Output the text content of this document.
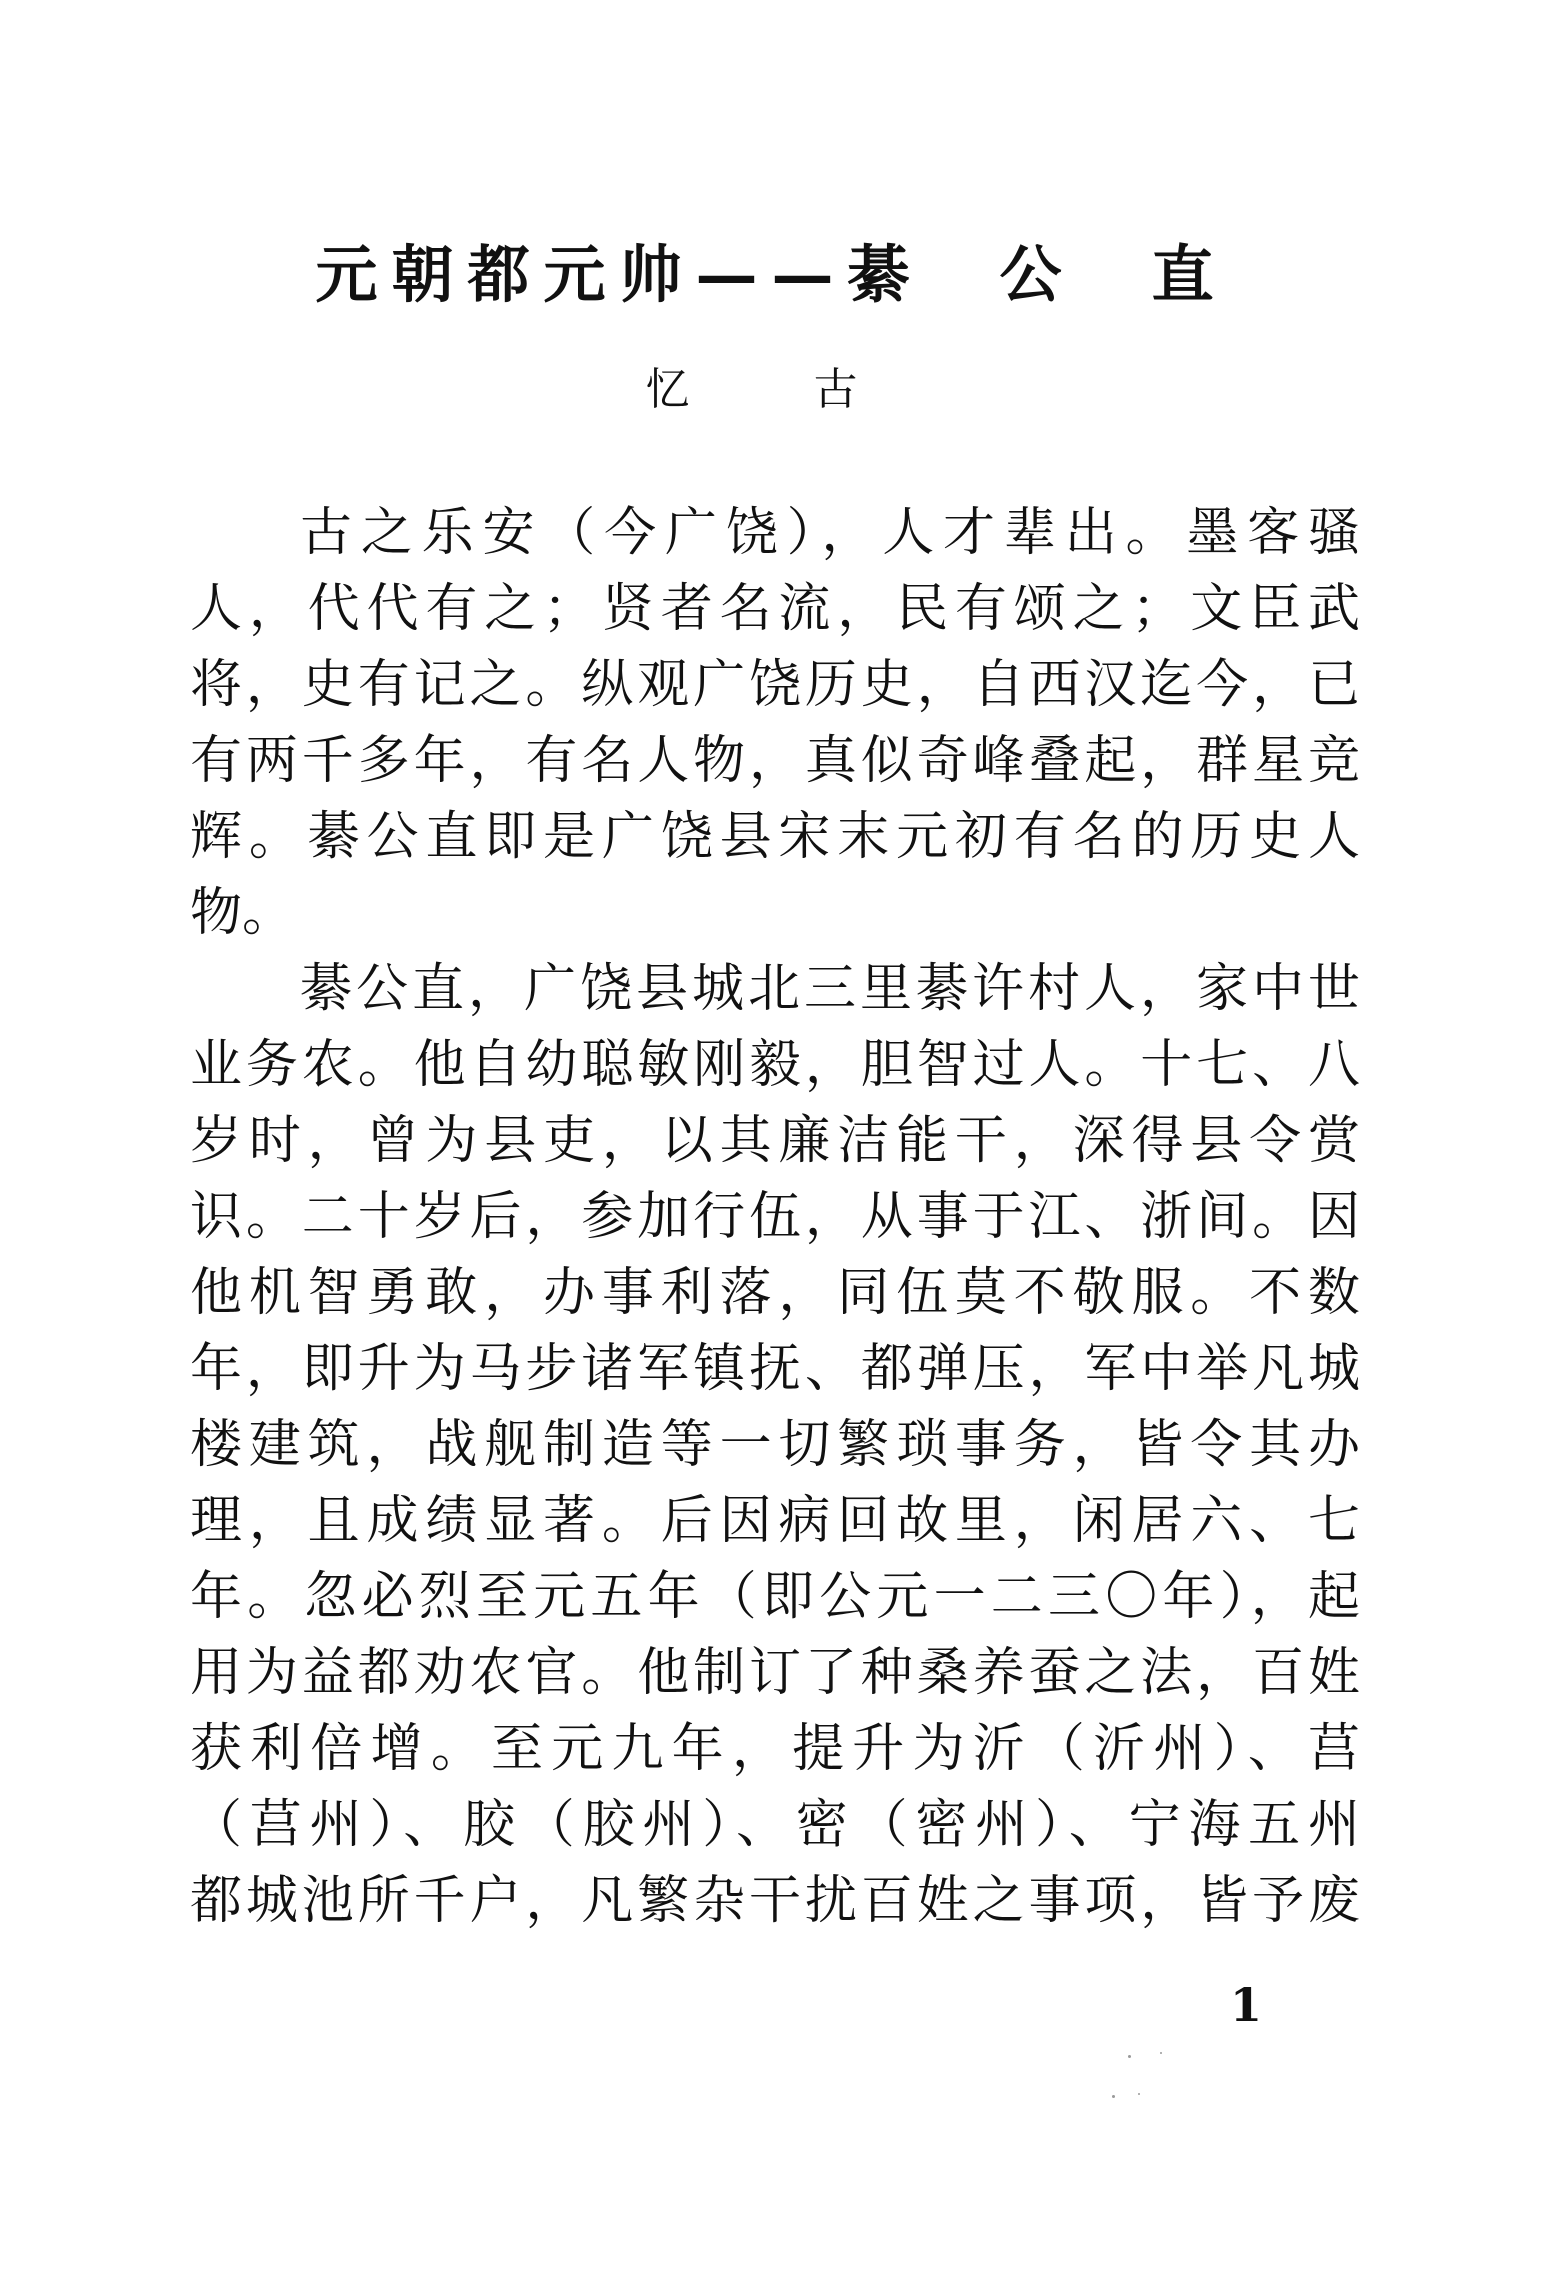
元朝都元帅——綦　公　直
忆　古
古之乐安（今广饶），人才辈出。墨客骚
人，代代有之；贤者名流，民有颂之；文臣武
将，史有记之。纵观广饶历史，自西汉迄今，已
有两千多年，有名人物，真似奇峰叠起，群星竞
辉。綦公直即是广饶县宋末元初有名的历史人
物。
綦公直，广饶县城北三里綦许村人，家中世
业务农。他自幼聪敏刚毅，胆智过人。十七、八
岁时，曾为县吏，以其廉洁能干，深得县令赏
识。二十岁后，参加行伍，从事于江、浙间。因
他机智勇敢，办事利落，同伍莫不敬服。不数
年，即升为马步诸军镇抚、都弹压，军中举凡城
楼建筑，战舰制造等一切繁琐事务，皆令其办
理，且成绩显著。后因病回故里，闲居六、七
年。忽必烈至元五年（即公元一二三〇年），起
用为益都劝农官。他制订了种桑养蚕之法，百姓
获利倍增。至元九年，提升为沂（沂州）、莒
（莒州）、胶（胶州）、密（密州）、宁海五州
都城池所千户，凡繁杂干扰百姓之事项，皆予废
1
